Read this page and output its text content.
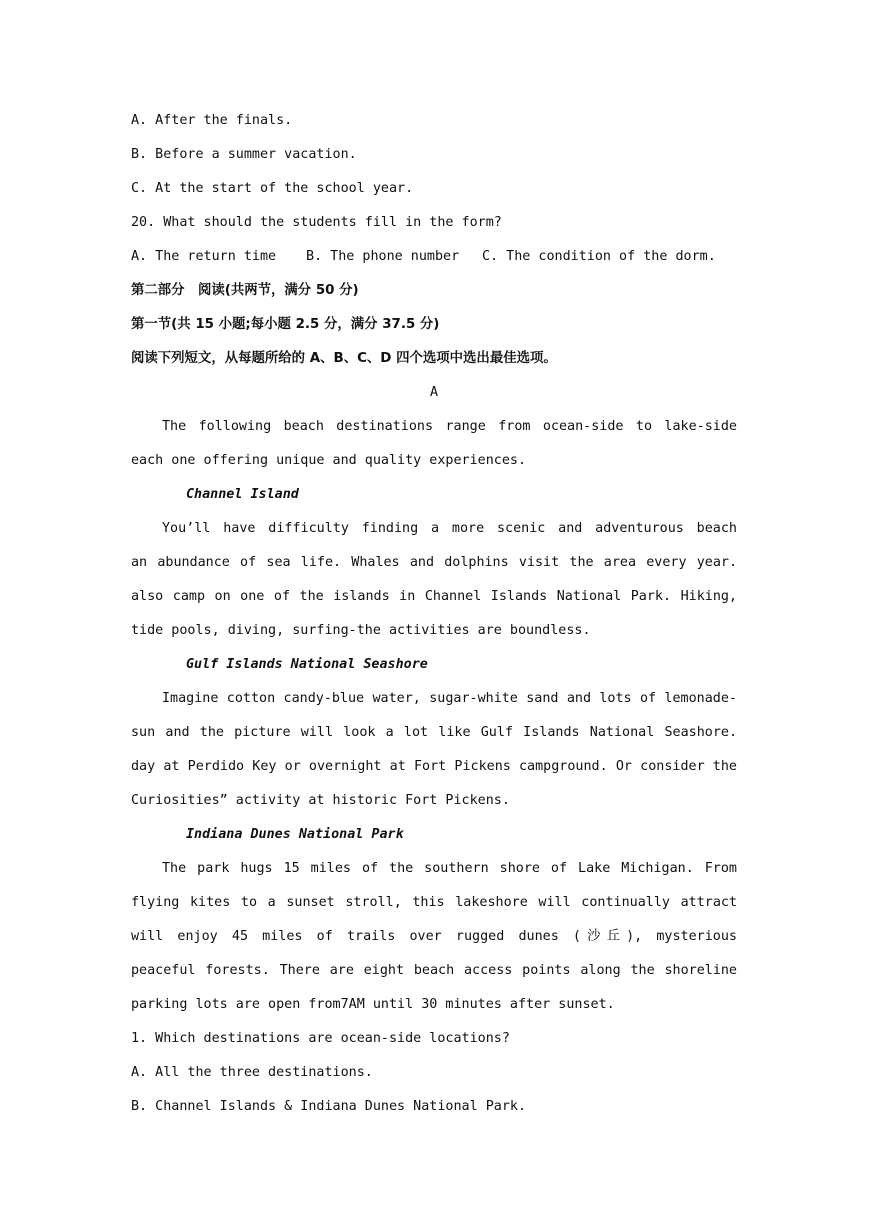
A. After the finals.
B. Before a summer vacation.
C. At the start of the school year.
20. What should the students fill in the form?
A. The return time B. The phone number C. The condition of the dorm.
第二部分　阅读(共两节，满分 50 分)
第一节(共 15 小题;每小题 2.5 分，满分 37.5 分)
阅读下列短文，从每题所给的 A、B、C、D 四个选项中选出最佳选项。
A
The following beach destinations range from ocean-side to lake-side
each one offering unique and quality experiences.
Channel Island
You’ll have difficulty finding a more scenic and adventurous beach
an abundance of sea life. Whales and dolphins visit the area every year.
also camp on one of the islands in Channel Islands National Park. Hiking,
tide pools, diving, surfing-the activities are boundless.
Gulf Islands National Seashore
Imagine cotton candy-blue water, sugar-white sand and lots of lemonade-
sun and the picture will look a lot like Gulf Islands National Seashore.
day at Perdido Key or overnight at Fort Pickens campground. Or consider the
Curiosities” activity at historic Fort Pickens.
Indiana Dunes National Park
The park hugs 15 miles of the southern shore of Lake Michigan. From
flying kites to a sunset stroll, this lakeshore will continually attract
will enjoy 45 miles of trails over rugged dunes (沙丘), mysterious
peaceful forests. There are eight beach access points along the shoreline
parking lots are open from7AM until 30 minutes after sunset.
1. Which destinations are ocean-side locations?
A. All the three destinations.
B. Channel Islands & Indiana Dunes National Park.
